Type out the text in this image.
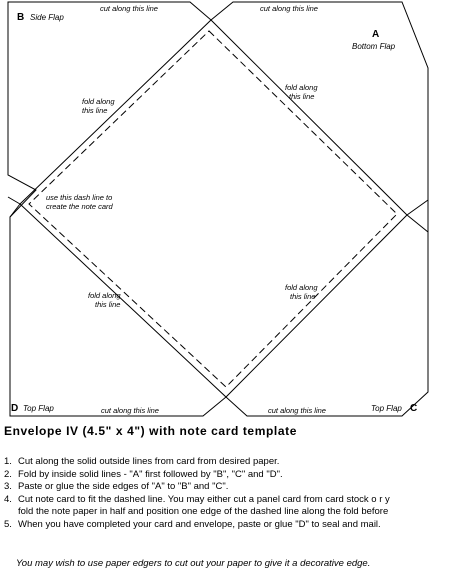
B Side Flap
A
Bottom Flap
D Top Flap	Top Flap C
cut along this line	cut along this line
cut along this line	cut along this line
fold along this line
fold along this line
fold along this line
fold along this line
use this dash line to create the note card
Envelope IV (4.5" x 4") with note card template
1. Cut along the solid outside lines from card from desired paper.
2. Fold by inside solid lines - "A" first followed by "B", "C" and "D".
3. Paste or glue the side edges of "A" to "B" and "C".
4. Cut note card to fit the dashed line. You may either cut a panel card from card stock o r y
fold the note paper in half and position one edge of the dashed line along the fold before
5. When you have completed your card and envelope, paste or glue "D" to seal and mail.
You may wish to use paper edgers to cut out your paper to give it a decorative edge.
